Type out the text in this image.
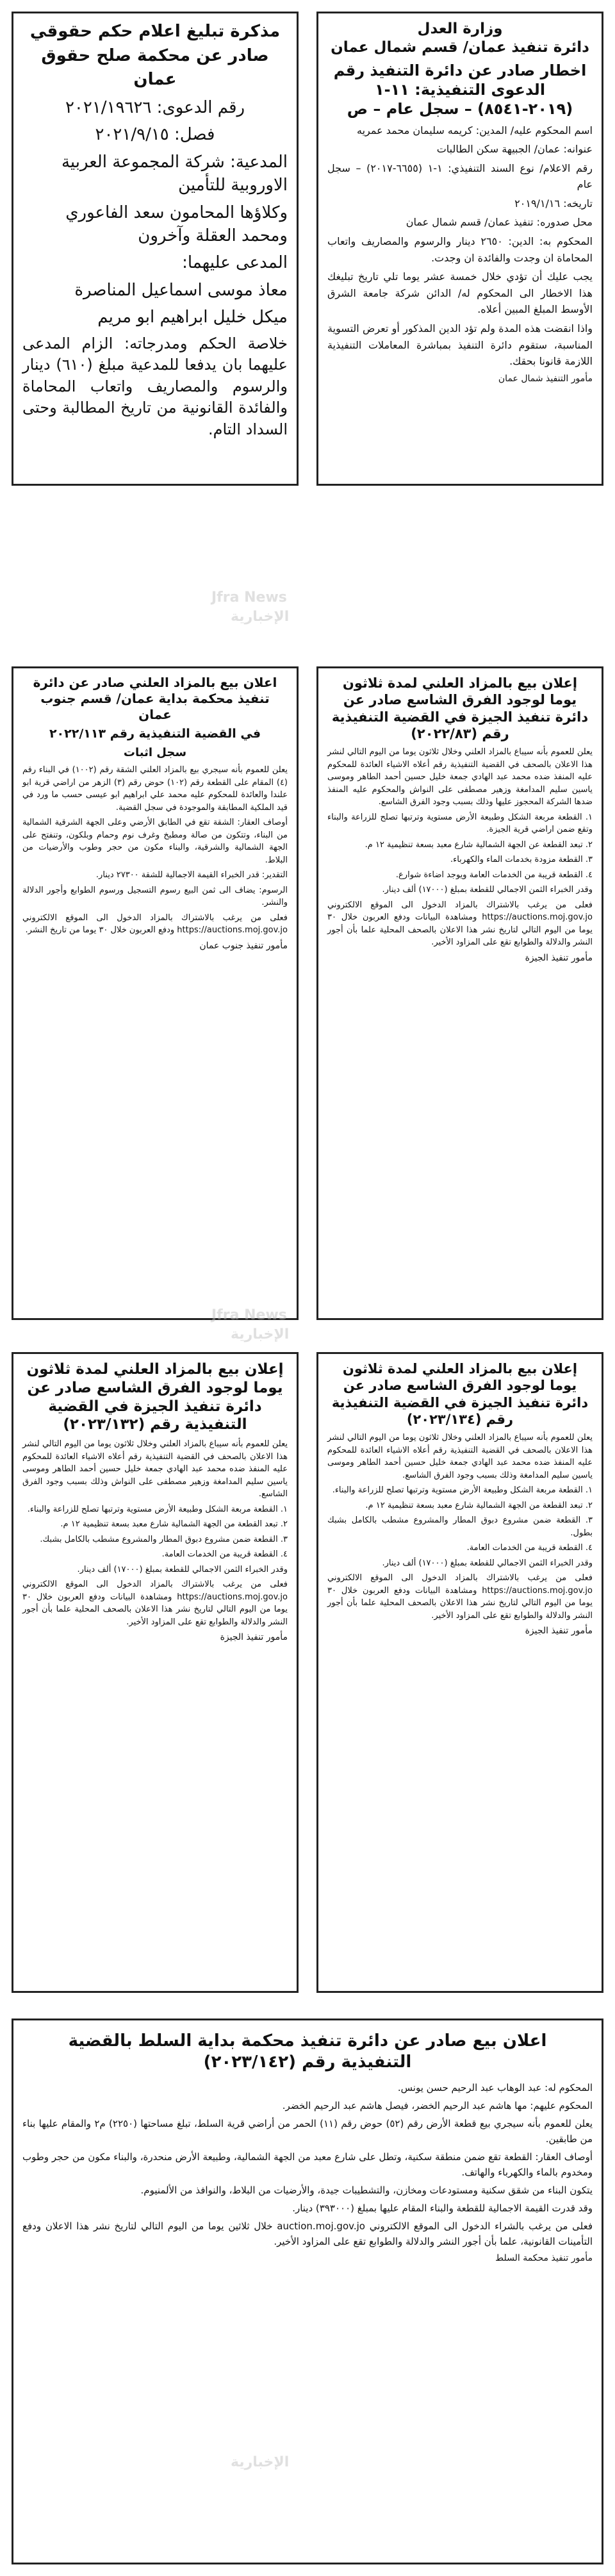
وزارة العدل
دائرة تنفيذ عمان/ قسم شمال عمان
اخطار صادر عن دائرة التنفيذ رقم الدعوى التنفيذية: ١١-١ (٢٠١٩-٨٥٤١) – سجل عام – ص

اسم المحكوم عليه/ المدين: كريمه سليمان محمد عمريه

عنوانه: عمان/ الجبيهة سكن الطالبات

رقم الاعلام/ نوع السند التنفيذي: ١-١ (٦٦٥٥-٢٠١٧) – سجل عام

تاريخه: ٢٠١٩/١/١٦

محل صدوره: تنفيذ عمان/ قسم شمال عمان

المحكوم به: الدين: ٢٦٥٠ دينار والرسوم والمصاريف واتعاب المحاماة ان وجدت والفائدة ان وجدت.

يجب عليك أن تؤدي خلال خمسة عشر يوما تلي تاريخ تبليغك هذا الاخطار الى المحكوم له/ الدائن شركة جامعة الشرق الأوسط المبلغ المبين أعلاه.

واذا انقضت هذه المدة ولم تؤد الدين المذكور أو تعرض التسوية المناسبة، ستقوم دائرة التنفيذ بمباشرة المعاملات التنفيذية اللازمة قانونا بحقك.

مأمور التنفيذ شمال عمان
مذكرة تبليغ اعلام حكم حقوقي صادر عن محكمة صلح حقوق عمان

رقم الدعوى: ٢٠٢١/١٩٦٢٦

فصل: ٢٠٢١/٩/١٥

المدعية: شركة المجموعة العربية الاوروبية للتأمين

وكلاؤها المحامون سعد الفاعوري ومحمد العقلة وآخرون

المدعى عليهما:

معاذ موسى اسماعيل المناصرة

ميكل خليل ابراهيم ابو مريم

خلاصة الحكم ومدرجاته: الزام المدعى عليهما بان يدفعا للمدعية مبلغ (٦١٠) دينار والرسوم والمصاريف واتعاب المحاماة والفائدة القانونية من تاريخ المطالبة وحتى السداد التام.

إعلان بيع بالمزاد العلني لمدة ثلاثون يوما لوجود الفرق الشاسع صادر عن دائرة تنفيذ الجيزة في القضية التنفيذية رقم (٢٠٢٢/٨٣)

يعلن للعموم بأنه سيباع بالمزاد العلني وخلال ثلاثون يوما من اليوم التالي لنشر هذا الاعلان بالصحف في القضية التنفيذية رقم أعلاه الاشياء العائدة للمحكوم عليه المنفذ ضده محمد عبد الهادي جمعة خليل حسين أحمد الطاهر وموسى ياسين سليم المدامغة وزهير مصطفى على النواش والمحكوم عليه المنفذ ضدها الشركة المحجوز عليها وذلك بسبب وجود الفرق الشاسع.

١. القطعة مربعة الشكل وطبيعة الأرض مستوية وترتبها تصلح للزراعة والبناء وتقع ضمن اراضي قرية الجيزة.

٢. تبعد القطعة عن الجهة الشمالية شارع معبد بسعة تنظيمية ١٢ م.

٣. القطعة مزودة بخدمات الماء والكهرباء.

٤. القطعة قريبة من الخدمات العامة ويوجد اضاءة شوارع.

وقدر الخبراء الثمن الاجمالي للقطعة بمبلغ (١٧٠٠٠) ألف دينار.

فعلى من يرغب بالاشتراك بالمزاد الدخول الى الموقع الالكتروني https://auctions.moj.gov.jo ومشاهدة البيانات ودفع العربون خلال ٣٠ يوما من اليوم التالي لتاريخ نشر هذا الاعلان بالصحف المحلية علما بأن أجور النشر والدلالة والطوابع تقع على المزاود الأخير.

مأمور تنفيذ الجيزة
اعلان بيع بالمزاد العلني صادر عن دائرة تنفيذ محكمة بداية عمان/ قسم جنوب عمان
في القضية التنفيذية رقم ٢٠٢٢/١١٣
سجل اثبات

يعلن للعموم بأنه سيجري بيع بالمزاد العلني الشقة رقم (١٠٠٢) في البناء رقم (٤) المقام على القطعة رقم (١٠٢) حوض رقم (٣) الزهر من اراضي قرية ابو علندا والعائدة للمحكوم عليه محمد علي ابراهيم ابو عيسى حسب ما ورد في قيد الملكية المطابقة والموجودة في سجل القضية.

أوصاف العقار: الشقة تقع في الطابق الأرضي وعلى الجهة الشرقية الشمالية من البناء، وتتكون من صالة ومطبخ وغرف نوم وحمام وبلكون، وتنفتح على الجهة الشمالية والشرقية، والبناء مكون من حجر وطوب والأرضيات من البلاط.

التقدير: قدر الخبراء القيمة الاجمالية للشقة ٢٧٣٠٠ دينار.

الرسوم: يضاف الى ثمن البيع رسوم التسجيل ورسوم الطوابع وأجور الدلالة والنشر.

فعلى من يرغب بالاشتراك بالمزاد الدخول الى الموقع الالكتروني https://auctions.moj.gov.jo ودفع العربون خلال ٣٠ يوما من تاريخ النشر.

مأمور تنفيذ جنوب عمان
إعلان بيع بالمزاد العلني لمدة ثلاثون يوما لوجود الفرق الشاسع صادر عن دائرة تنفيذ الجيزة في القضية التنفيذية رقم (٢٠٢٣/١٣٤)

يعلن للعموم بأنه سيباع بالمزاد العلني وخلال ثلاثون يوما من اليوم التالي لنشر هذا الاعلان بالصحف في القضية التنفيذية رقم أعلاه الاشياء العائدة للمحكوم عليه المنفذ ضده محمد عبد الهادي جمعة خليل حسين أحمد الطاهر وموسى ياسين سليم المدامغة وذلك بسبب وجود الفرق الشاسع.

١. القطعة مربعة الشكل وطبيعة الأرض مستوية وترتبها تصلح للزراعة والبناء.

٢. تبعد القطعة من الجهة الشمالية شارع معبد بسعة تنظيمية ١٢ م.

٣. القطعة ضمن مشروع دبوق المطار والمشروع مشطب بالكامل بشبك بطول.

٤. القطعة قريبة من الخدمات العامة.

وقدر الخبراء الثمن الاجمالي للقطعة بمبلغ (١٧٠٠٠) ألف دينار.

فعلى من يرغب بالاشتراك بالمزاد الدخول الى الموقع الالكتروني https://auctions.moj.gov.jo ومشاهدة البيانات ودفع العربون خلال ٣٠ يوما من اليوم التالي لتاريخ نشر هذا الاعلان بالصحف المحلية علما بأن أجور النشر والدلالة والطوابع تقع على المزاود الأخير.

مأمور تنفيذ الجيزة
إعلان بيع بالمزاد العلني لمدة ثلاثون يوما لوجود الفرق الشاسع صادر عن دائرة تنفيذ الجيزة في القضية التنفيذية رقم (٢٠٢٣/١٣٢)

يعلن للعموم بأنه سيباع بالمزاد العلني وخلال ثلاثون يوما من اليوم التالي لنشر هذا الاعلان بالصحف في القضية التنفيذية رقم أعلاه الاشياء العائدة للمحكوم عليه المنفذ ضده محمد عبد الهادي جمعة خليل حسين أحمد الطاهر وموسى ياسين سليم المدامغة وزهير مصطفى على النواش وذلك بسبب وجود الفرق الشاسع.

١. القطعة مربعة الشكل وطبيعة الأرض مستوية وترتبها تصلح للزراعة والبناء.

٢. تبعد القطعة من الجهة الشمالية شارع معبد بسعة تنظيمية ١٢ م.

٣. القطعة ضمن مشروع دبوق المطار والمشروع مشطب بالكامل بشبك.

٤. القطعة قريبة من الخدمات العامة.

وقدر الخبراء الثمن الاجمالي للقطعة بمبلغ (١٧٠٠٠) ألف دينار.

فعلى من يرغب بالاشتراك بالمزاد الدخول الى الموقع الالكتروني https://auctions.moj.gov.jo ومشاهدة البيانات ودفع العربون خلال ٣٠ يوما من اليوم التالي لتاريخ نشر هذا الاعلان بالصحف المحلية علما بأن أجور النشر والدلالة والطوابع تقع على المزاود الأخير.

مأمور تنفيذ الجيزة
اعلان بيع صادر عن دائرة تنفيذ محكمة بداية السلط بالقضية التنفيذية رقم (٢٠٢٣/١٤٢)

المحكوم له: عبد الوهاب عبد الرحيم حسن يونس.

المحكوم عليهم: مها هاشم عبد الرحيم الخضر، فيصل هاشم عبد الرحيم الخضر.

يعلن للعموم بأنه سيجري بيع قطعة الأرض رقم (٥٢) حوض رقم (١١) الحمر من أراضي قرية السلط، تبلغ مساحتها (٢٢٥٠) م٢ والمقام عليها بناء من طابقين.

أوصاف العقار: القطعة تقع ضمن منطقة سكنية، وتطل على شارع معبد من الجهة الشمالية، وطبيعة الأرض منحدرة، والبناء مكون من حجر وطوب ومخدوم بالماء والكهرباء والهاتف.

يتكون البناء من شقق سكنية ومستودعات ومخازن، والتشطيبات جيدة، والأرضيات من البلاط، والنوافذ من الألمنيوم.

وقد قدرت القيمة الاجمالية للقطعة والبناء المقام عليها بمبلغ (٣٩٣٠٠٠) دينار.

فعلى من يرغب بالشراء الدخول الى الموقع الالكتروني auction.moj.gov.jo خلال ثلاثين يوما من اليوم التالي لتاريخ نشر هذا الاعلان ودفع التأمينات القانونية، علما بأن أجور النشر والدلالة والطوابع تقع على المزاود الأخير.

مأمور تنفيذ محكمة السلط
Jfra News
الإخبارية
Jfra News
الإخبارية
الإخبارية
